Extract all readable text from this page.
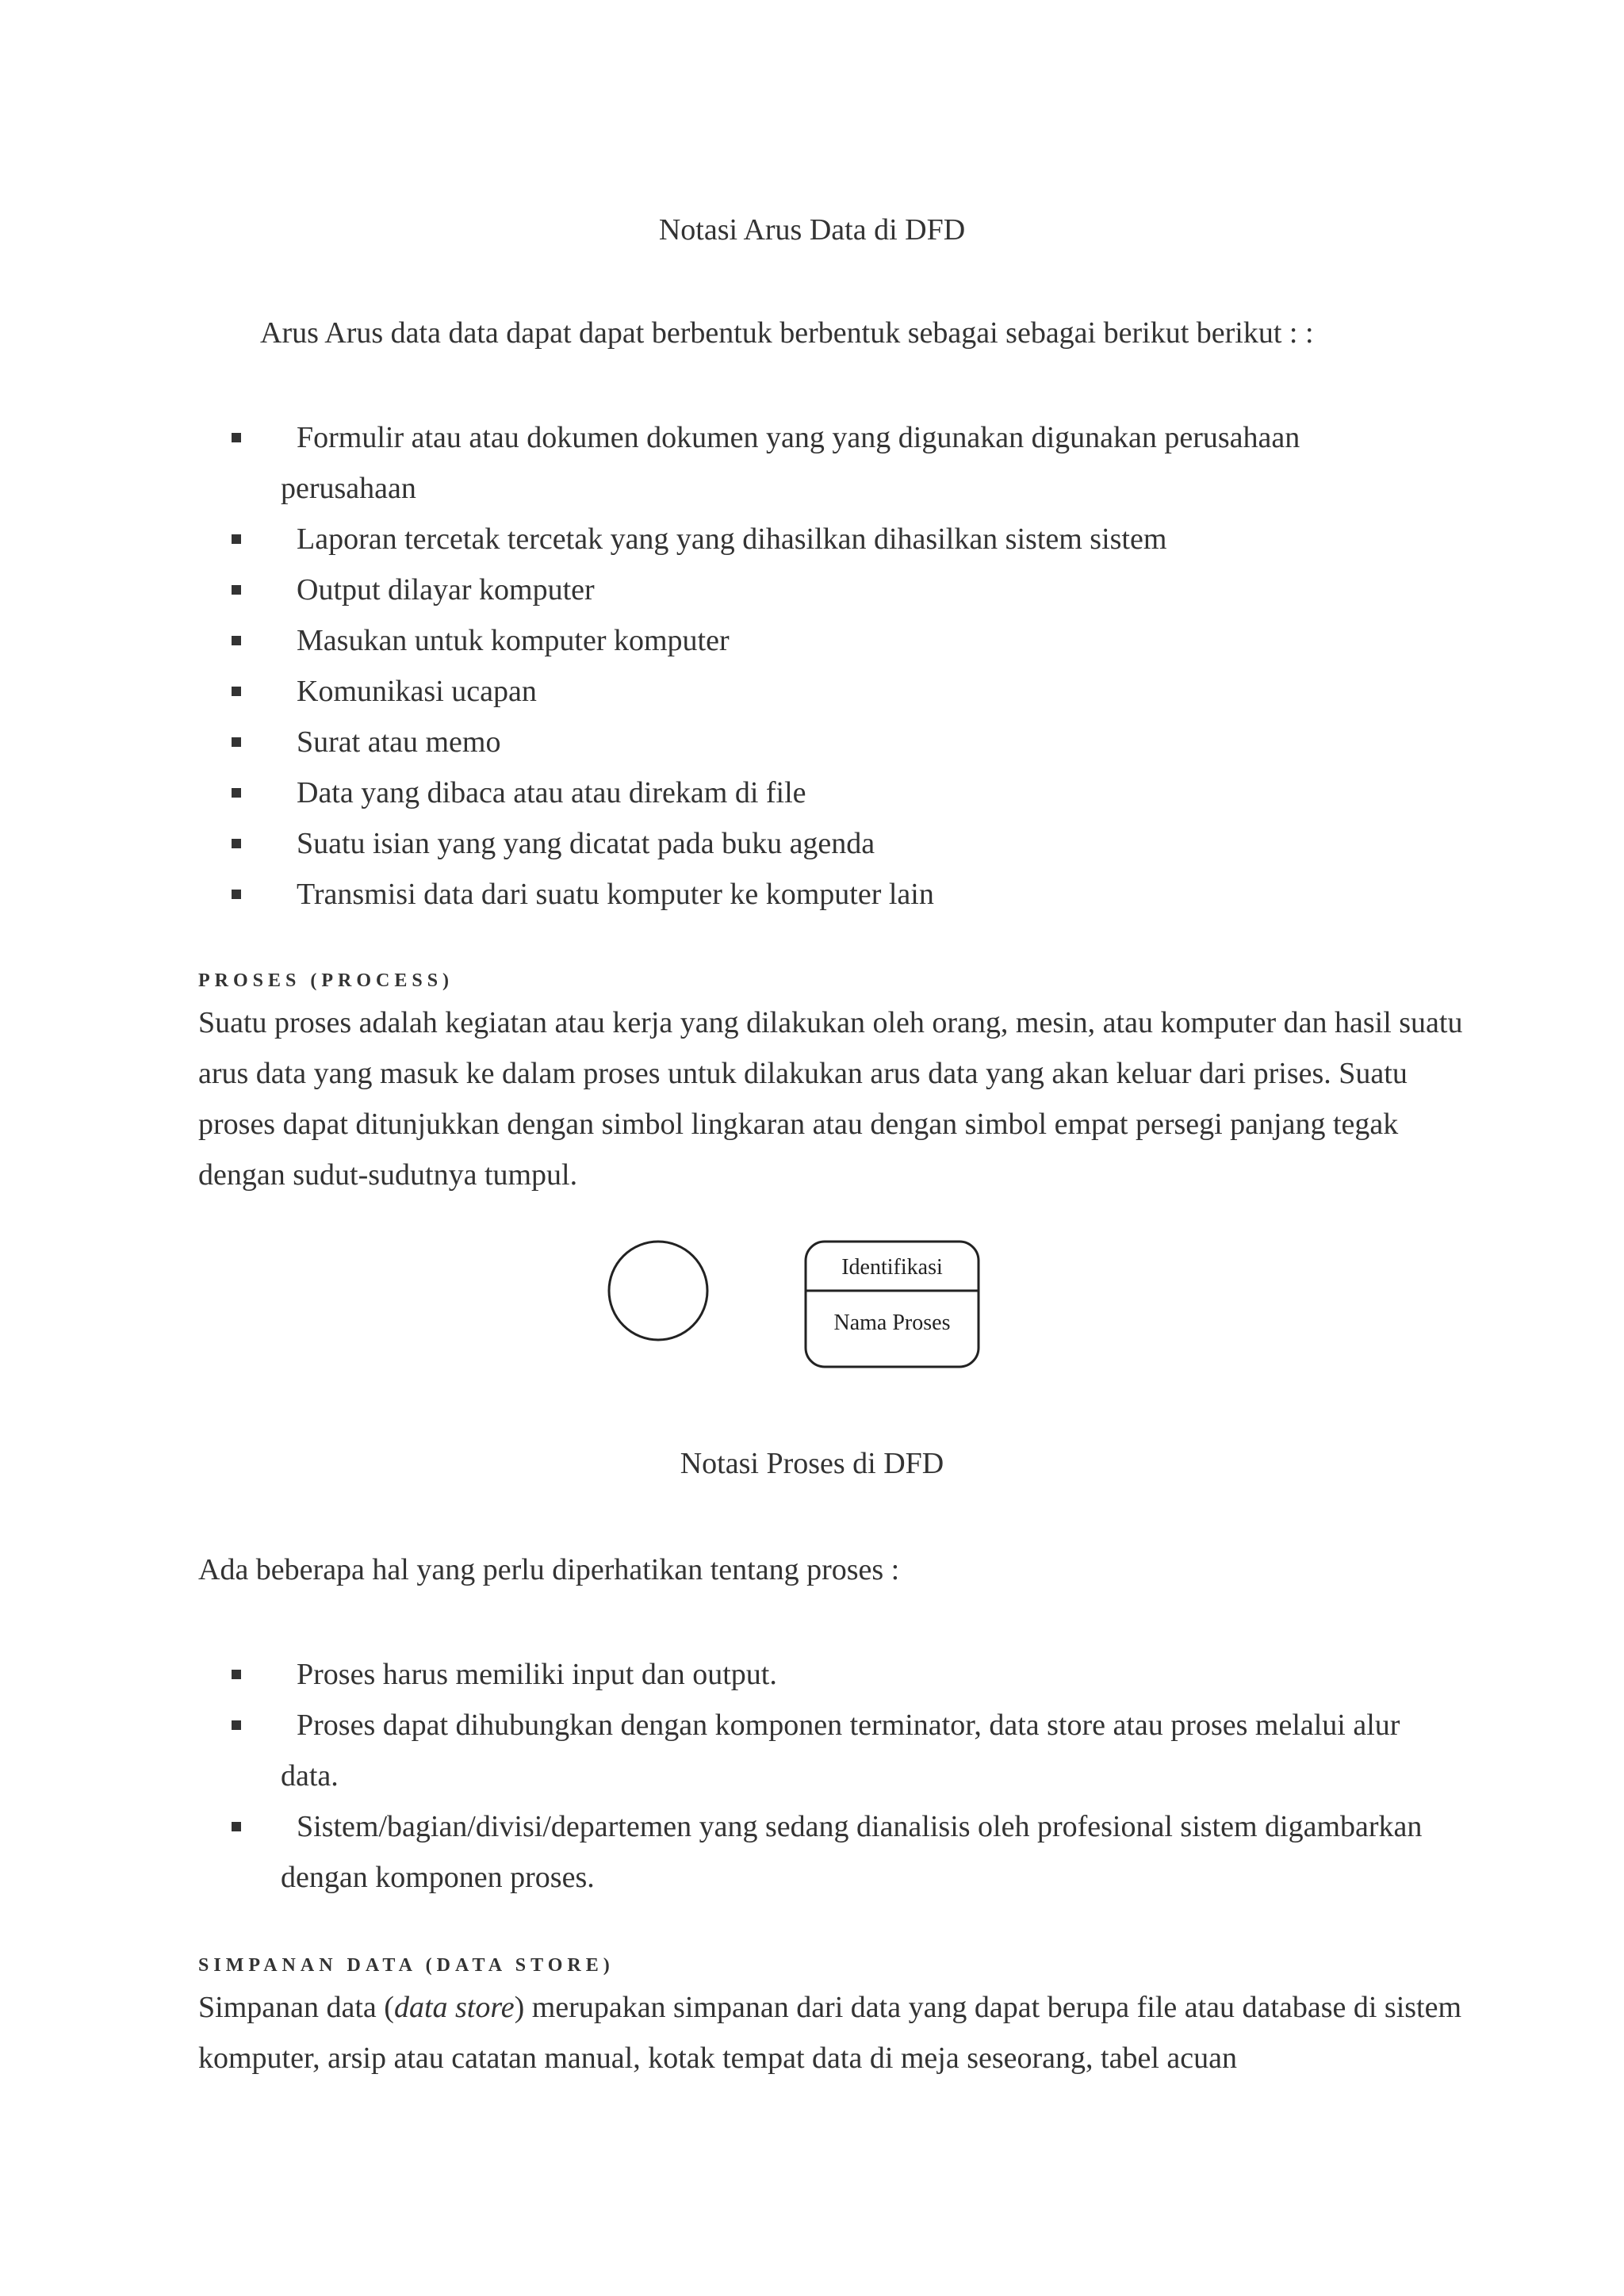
Notasi Arus Data di DFD
Arus Arus data data dapat dapat berbentuk berbentuk sebagai sebagai berikut berikut : :
Formulir atau atau dokumen dokumen yang yang digunakan digunakan perusahaan perusahaan
Laporan tercetak tercetak yang yang dihasilkan dihasilkan sistem sistem
Output dilayar komputer
Masukan untuk komputer komputer
Komunikasi ucapan
Surat atau memo
Data yang dibaca atau atau direkam di file
Suatu isian yang yang dicatat pada buku agenda
Transmisi data dari suatu komputer ke komputer lain
PROSES (PROCESS)
Suatu proses adalah kegiatan atau kerja yang dilakukan oleh orang, mesin, atau komputer dan hasil suatu arus data yang masuk ke dalam proses untuk dilakukan arus data yang akan keluar dari prises. Suatu proses dapat ditunjukkan dengan simbol lingkaran atau dengan simbol empat persegi panjang tegak dengan sudut-sudutnya tumpul.
Identifikasi
Nama Proses
Notasi Proses di DFD
Ada beberapa hal yang perlu diperhatikan tentang proses :
Proses harus memiliki input dan output.
Proses dapat dihubungkan dengan komponen terminator, data store atau proses melalui alur data.
Sistem/bagian/divisi/departemen yang sedang dianalisis oleh profesional sistem digambarkan dengan komponen proses.
SIMPANAN DATA (DATA STORE)
Simpanan data (data store) merupakan simpanan dari data yang dapat berupa file atau database di sistem komputer, arsip atau catatan manual, kotak tempat data di meja seseorang, tabel acuan
